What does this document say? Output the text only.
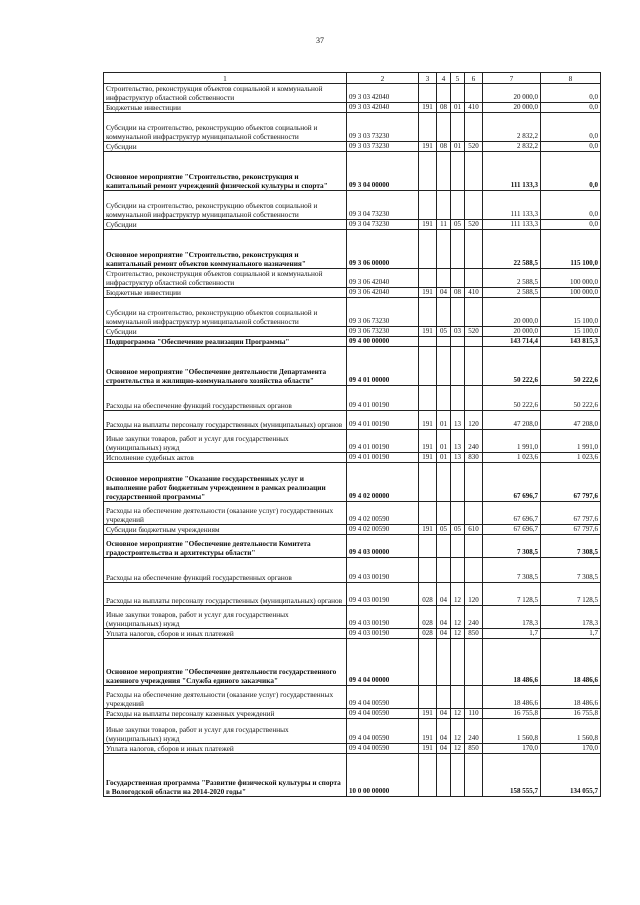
37
1	2	3	4	5	6	7	8
Строительство, реконструкция объектов социальной и коммунальной инфраструктур областной собственности	09 3 03 42040					20 000,0	0,0
Бюджетные инвестиции	09 3 03 42040	191	08	01	410	20 000,0	0,0
Субсидии на строительство, реконструкцию объектов социальной и коммунальной инфраструктур муниципальной собственности	09 3 03 73230					2 832,2	0,0
Субсидии	09 3 03 73230	191	08	01	520	2 832,2	0,0
Основное мероприятие "Строительство, реконструкция и капитальный ремонт учреждений физической культуры и спорта"	09 3 04 00000					111 133,3	0,0
Субсидии на строительство, реконструкцию объектов социальной и коммунальной инфраструктур муниципальной собственности	09 3 04 73230					111 133,3	0,0
Субсидии	09 3 04 73230	191	11	05	520	111 133,3	0,0
Основное мероприятие "Строительство, реконструкция и капитальный ремонт объектов коммунального назначения"	09 3 06 00000					22 588,5	115 100,0
Строительство, реконструкция объектов социальной и коммунальной инфраструктур областной собственности	09 3 06 42040					2 588,5	100 000,0
Бюджетные инвестиции	09 3 06 42040	191	04	08	410	2 588,5	100 000,0
Субсидии на строительство, реконструкцию объектов социальной и коммунальной инфраструктур муниципальной собственности	09 3 06 73230					20 000,0	15 100,0
Субсидии	09 3 06 73230	191	05	03	520	20 000,0	15 100,0
Подпрограмма "Обеспечение реализации Программы"	09 4 00 00000					143 714,4	143 815,3
Основное мероприятие "Обеспечение деятельности Департамента строительства и жилищно-коммунального хозяйства области"	09 4 01 00000					50 222,6	50 222,6
Расходы на обеспечение функций государственных органов	09 4 01 00190					50 222,6	50 222,6
Расходы на выплаты персоналу государственных (муниципальных) органов	09 4 01 00190	191	01	13	120	47 208,0	47 208,0
Иные закупки товаров, работ и услуг для государственных (муниципальных) нужд	09 4 01 00190	191	01	13	240	1 991,0	1 991,0
Исполнение судебных актов	09 4 01 00190	191	01	13	830	1 023,6	1 023,6
Основное мероприятие "Оказание государственных услуг и выполнение работ бюджетным учреждением в рамках реализации государственной программы"	09 4 02 00000					67 696,7	67 797,6
Расходы на обеспечение деятельности (оказание услуг) государственных учреждений	09 4 02 00590					67 696,7	67 797,6
Субсидии бюджетным учреждениям	09 4 02 00590	191	05	05	610	67 696,7	67 797,6
Основное мероприятие "Обеспечение деятельности Комитета градостроительства и архитектуры области"	09 4 03 00000					7 308,5	7 308,5
Расходы на обеспечение функций государственных органов	09 4 03 00190					7 308,5	7 308,5
Расходы на выплаты персоналу государственных (муниципальных) органов	09 4 03 00190	028	04	12	120	7 128,5	7 128,5
Иные закупки товаров, работ и услуг для государственных (муниципальных) нужд	09 4 03 00190	028	04	12	240	178,3	178,3
Уплата налогов, сборов и иных платежей	09 4 03 00190	028	04	12	850	1,7	1,7
Основное мероприятие "Обеспечение деятельности государственного казенного учреждения "Служба единого заказчика"	09 4 04 00000					18 486,6	18 486,6
Расходы на обеспечение деятельности (оказание услуг) государственных учреждений	09 4 04 00590					18 486,6	18 486,6
Расходы на выплаты персоналу казенных учреждений	09 4 04 00590	191	04	12	110	16 755,8	16 755,8
Иные закупки товаров, работ и услуг для государственных (муниципальных) нужд	09 4 04 00590	191	04	12	240	1 560,8	1 560,8
Уплата налогов, сборов и иных платежей	09 4 04 00590	191	04	12	850	170,0	170,0
Государственная программа "Развитие физической культуры и спорта в Вологодской области на 2014-2020 годы"	10 0 00 00000					158 555,7	134 055,7
